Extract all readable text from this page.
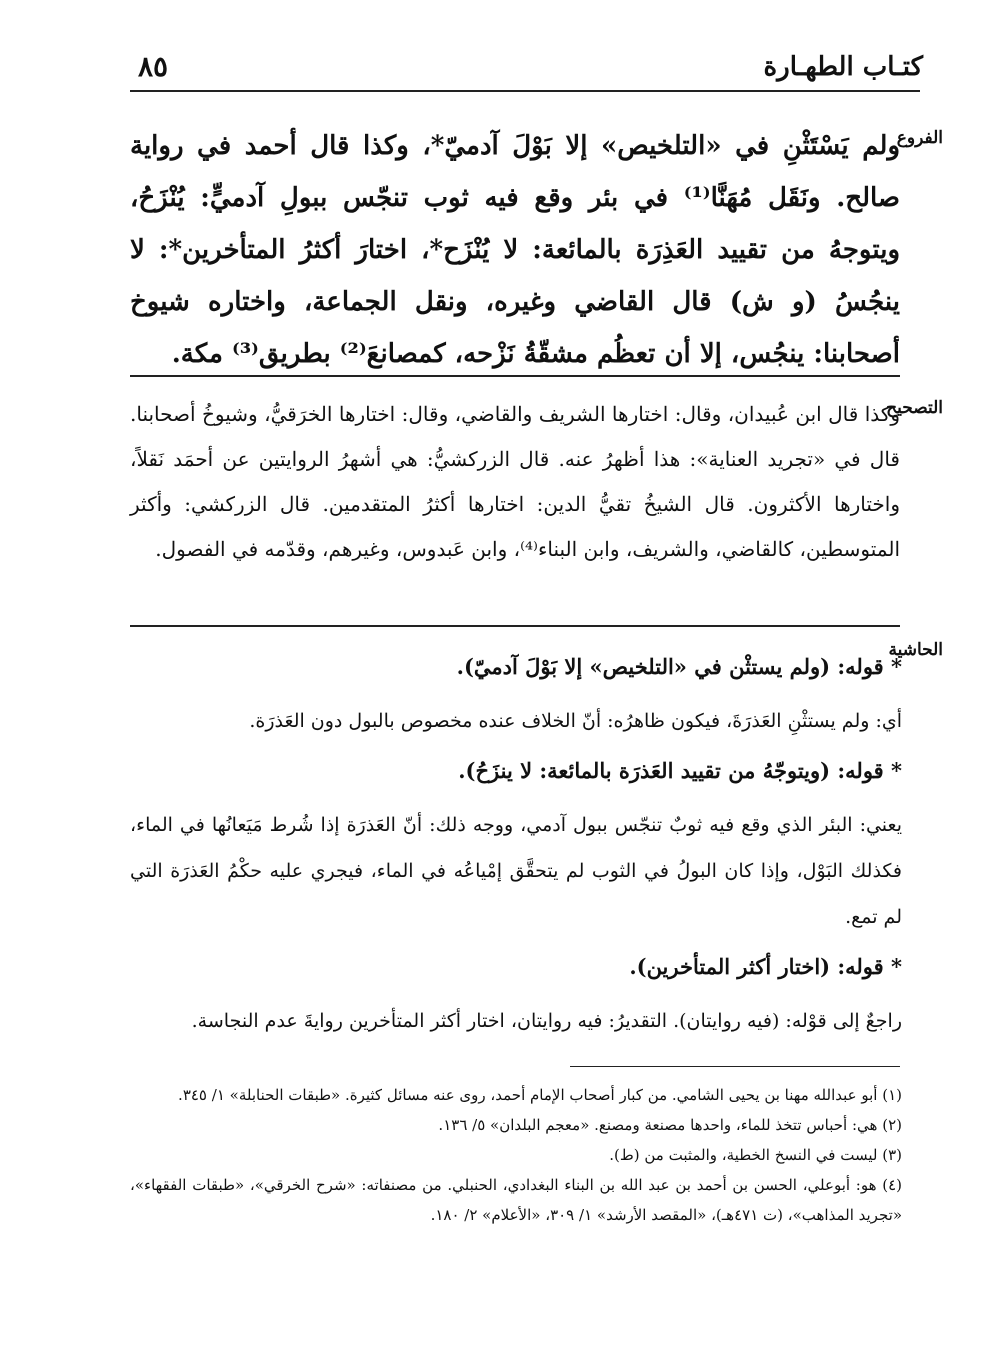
كتـاب الطهـارة
٨٥
الفروع
التصحيح
الحاشية
ولم يَسْتَثْنِ في «التلخيص» إلا بَوْلَ آدميّ*، وكذا قال أحمد في رواية صالح. ونَقَل مُهَنَّا⁽¹⁾ في بئر وقع فيه ثوب تنجّس ببولِ آدميٍّ: يُنْزَحُ، ويتوجهُ من تقييد العَذِرَة بالمائعة: لا يُنْزَح*، اختارَ أكثرُ المتأخرين*: لا ينجُسُ (و ش) قال القاضي وغيره، ونقل الجماعة، واختاره شيوخ أصحابنا: ينجُس، إلا أن تعظُم مشقّةُ نَزْحه، كمصانعَ⁽²⁾ بطريق⁽³⁾ مكة.
وكذا قال ابن عُبيدان، وقال: اختارها الشريف والقاضي، وقال: اختارها الخرَقيُّ، وشيوخُ أصحابنا. قال في «تجريد العناية»: هذا أظهرُ عنه. قال الزركشيُّ: هي أشهرُ الروايتين عن أحمَد نَقلاً، واختارها الأكثرون. قال الشيخُ تقيُّ الدين: اختارها أكثرُ المتقدمين. قال الزركشي: وأكثر المتوسطين، كالقاضي، والشريف، وابن البناء⁽⁴⁾، وابن عَبدوس، وغيرهم، وقدّمه في الفصول.
* قوله: (ولم يستثْن في «التلخيص» إلا بَوْلَ آدميّ).
أي: ولم يستثْنِ العَذرَةَ، فيكون ظاهرُه: أنّ الخلاف عنده مخصوص بالبول دون العَذرَة.
* قوله: (ويتوجّهُ من تقييد العَذرَة بالمائعة: لا ينزَحُ).
يعني: البئر الذي وقع فيه ثوبٌ تنجّس ببول آدمي، ووجه ذلك: أنّ العَذرَة إذا شُرط مَيَعانُها في الماء، فكذلك البَوْل، وإذا كان البولُ في الثوب لم يتحقَّق إمْياعُه في الماء، فيجري عليه حكْمُ العَذرَة التي لم تمع.
* قوله: (اختار أكثر المتأخرين).
راجعٌ إلى قوْله: (فيه روايتان). التقديرُ: فيه روايتان، اختار أكثر المتأخرين روايةَ عدم النجاسة.
(١) أبو عبدالله مهنا بن يحيى الشامي. من كبار أصحاب الإمام أحمد، روى عنه مسائل كثيرة. «طبقات الحنابلة» ١/ ٣٤٥.
(٢) هي: أحباس تتخذ للماء، واحدها مصنعة ومصنع. «معجم البلدان» ٥/ ١٣٦.
(٣) ليست في النسخ الخطية، والمثبت من (ط).
(٤) هو: أبوعلي، الحسن بن أحمد بن عبد الله بن البناء البغدادي، الحنبلي. من مصنفاته: «شرح الخرقي»، «طبقات الفقهاء»، «تجريد المذاهب»، (ت ٤٧١هـ)، «المقصد الأرشد» ١/ ٣٠٩، «الأعلام» ٢/ ١٨٠.
